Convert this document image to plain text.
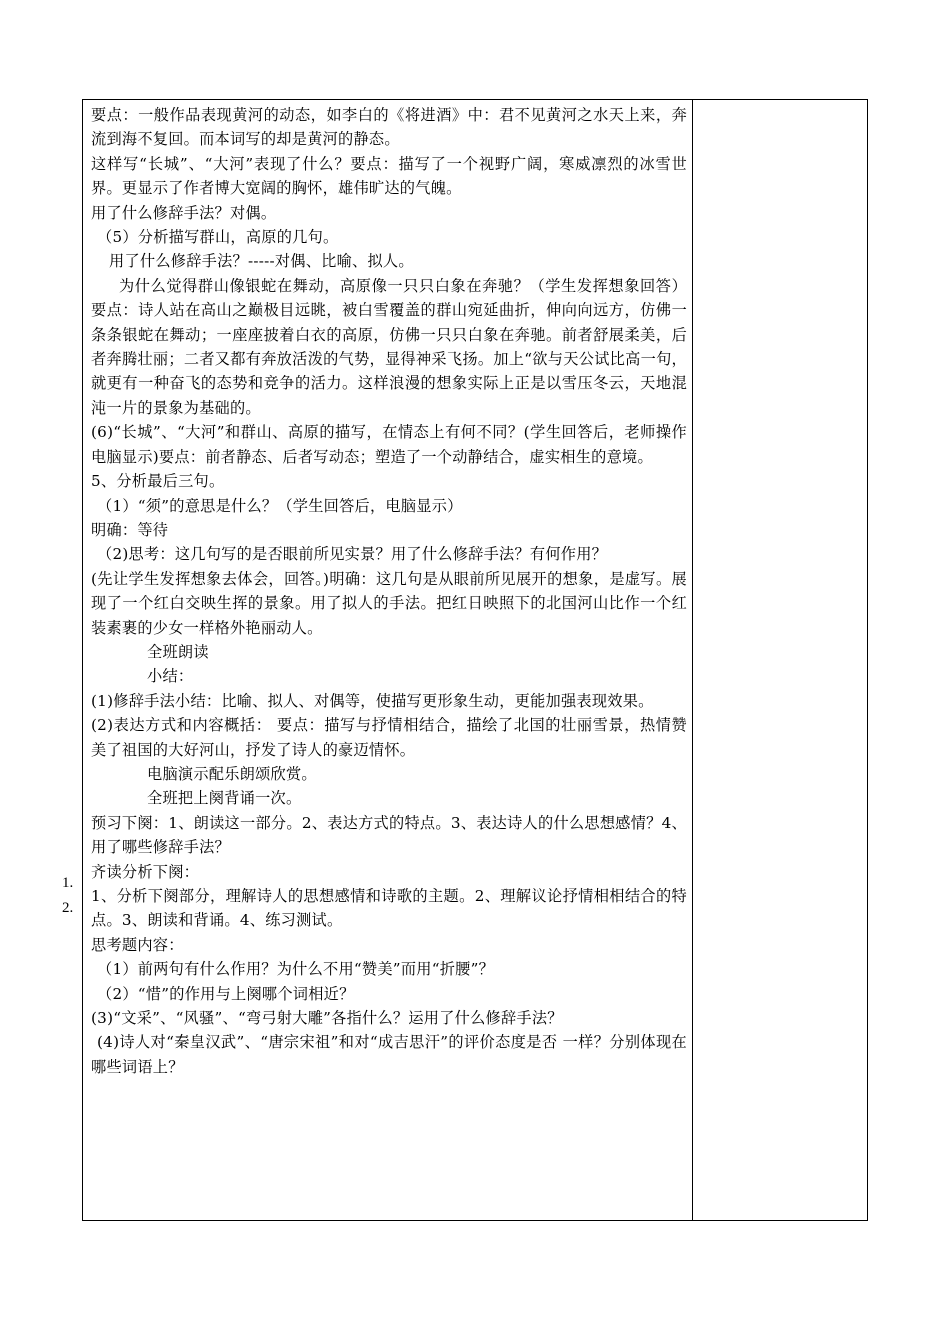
要点：一般作品表现黄河的动态，如李白的《将进酒》中：君不见黄河之水天上来，奔流到海不复回。而本词写的却是黄河的静态。

这样写“长城”、“大河”表现了什么？要点：描写了一个视野广阔，寒威凛烈的冰雪世界。更显示了作者博大宽阔的胸怀，雄伟旷达的气魄。

用了什么修辞手法？对偶。

（5）分析描写群山，高原的几句。

用了什么修辞手法？-----对偶、比喻、拟人。

为什么觉得群山像银蛇在舞动，高原像一只只白象在奔驰？（学生发挥想象回答） 要点：诗人站在高山之巅极目远眺，被白雪覆盖的群山宛延曲折，伸向向远方，仿佛一条条银蛇在舞动；一座座披着白衣的高原，仿佛一只只白象在奔驰。前者舒展柔美，后者奔腾壮丽；二者又都有奔放活泼的气势，显得神采飞扬。加上“欲与天公试比高一句，就更有一种奋飞的态势和竞争的活力。这样浪漫的想象实际上正是以雪压冬云，天地混沌一片的景象为基础的。

(6)“长城”、“大河”和群山、高原的描写，在情态上有何不同？(学生回答后，老师操作电脑显示)要点：前者静态、后者写动态；塑造了一个动静结合，虚实相生的意境。

5、分析最后三句。

（1）“须”的意思是什么？（学生回答后，电脑显示）

明确：等待

（2)思考：这几句写的是否眼前所见实景？用了什么修辞手法？有何作用？

(先让学生发挥想象去体会，回答。)明确：这几句是从眼前所见展开的想象，是虚写。展现了一个红白交映生挥的景象。用了拟人的手法。把红日映照下的北国河山比作一个红装素裹的少女一样格外艳丽动人。

全班朗读

小结：

(1)修辞手法小结：比喻、拟人、对偶等，使描写更形象生动，更能加强表现效果。

(2)表达方式和内容概括： 要点：描写与抒情相结合，描绘了北国的壮丽雪景，热情赞美了祖国的大好河山，抒发了诗人的豪迈情怀。

电脑演示配乐朗颂欣赏。

全班把上阕背诵一次。

预习下阕：1、朗读这一部分。2、表达方式的特点。3、表达诗人的什么思想感情？4、用了哪些修辞手法？

齐读分析下阕：

1、分析下阕部分，理解诗人的思想感情和诗歌的主题。2、理解议论抒情相相结合的特点。3、朗读和背诵。4、练习测试。

思考题内容：

（1）前两句有什么作用？为什么不用“赞美”而用“折腰”？

（2）“惜”的作用与上阕哪个词相近？

(3)“文采”、“风骚”、“弯弓射大雕”各指什么？运用了什么修辞手法？

(4)诗人对“秦皇汉武”、“唐宗宋祖”和对“成吉思汗”的评价态度是否 一样？分别体现在哪些词语上？

1.
2.
